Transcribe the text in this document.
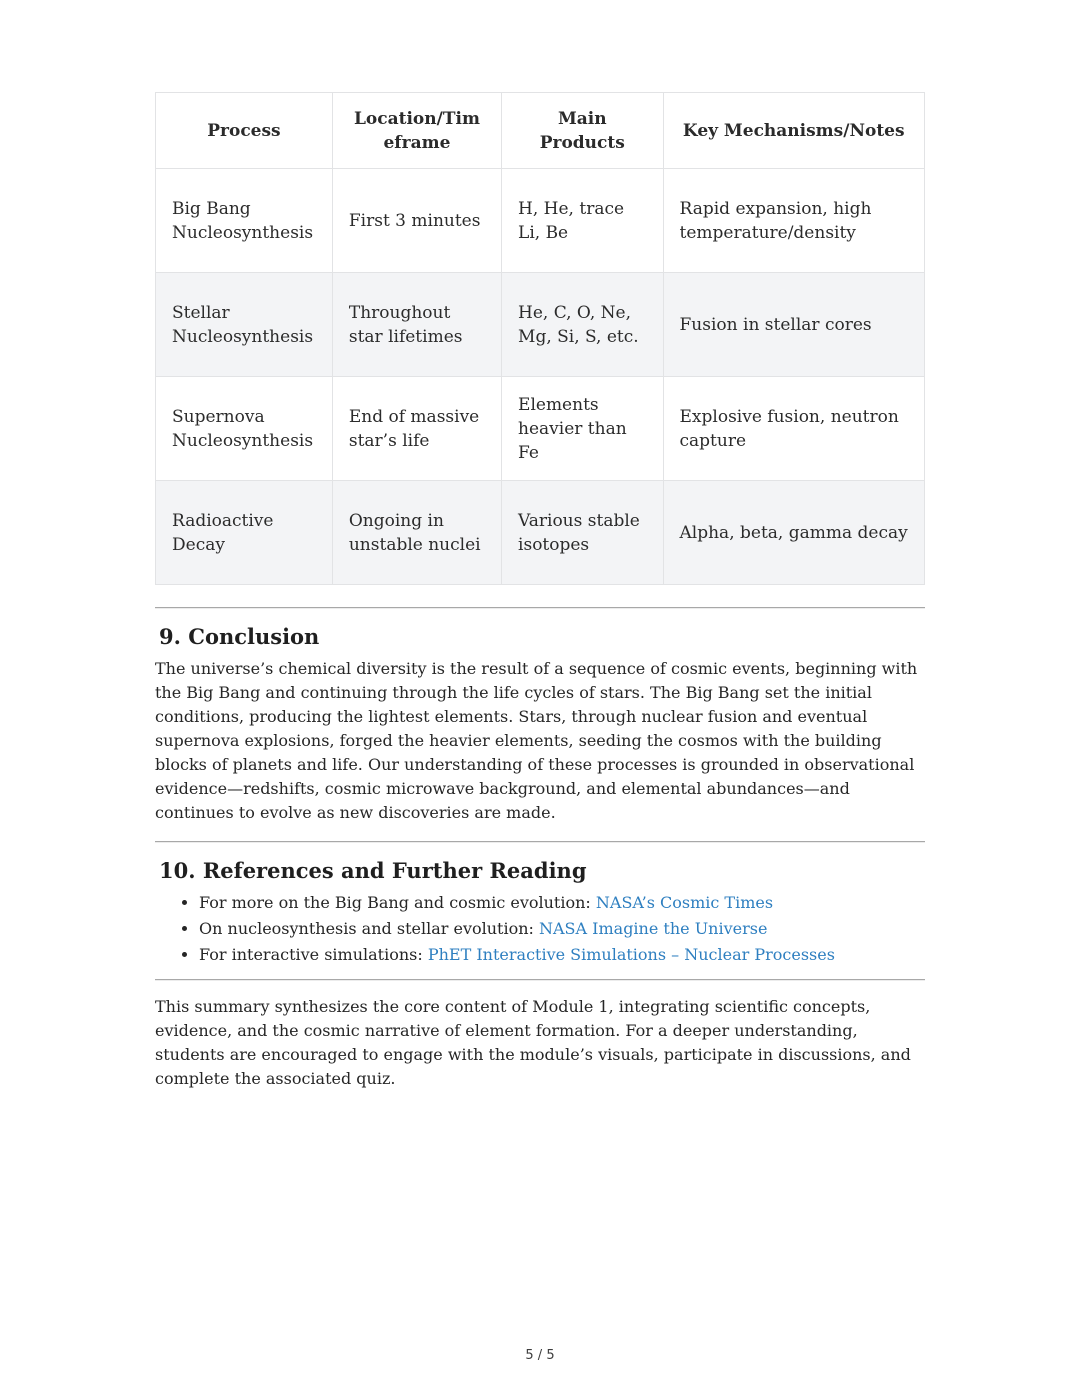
Process	Location/Timeframe	Main Products	Key Mechanisms/Notes
Big Bang Nucleosynthesis	First 3 minutes	H, He, trace Li, Be	Rapid expansion, high temperature/density
Stellar Nucleosynthesis	Throughout star lifetimes	He, C, O, Ne, Mg, Si, S, etc.	Fusion in stellar cores
Supernova Nucleosynthesis	End of massive star’s life	Elements heavier than Fe	Explosive fusion, neutron capture
Radioactive Decay	Ongoing in unstable nuclei	Various stable isotopes	Alpha, beta, gamma decay
9. Conclusion

The universe’s chemical diversity is the result of a sequence of cosmic events, beginning with the Big Bang and continuing through the life cycles of stars. The Big Bang set the initial conditions, producing the lightest elements. Stars, through nuclear fusion and eventual supernova explosions, forged the heavier elements, seeding the cosmos with the building blocks of planets and life. Our understanding of these processes is grounded in observational evidence—redshifts, cosmic microwave background, and elemental abundances—and continues to evolve as new discoveries are made.

10. References and Further Reading
• For more on the Big Bang and cosmic evolution: NASA’s Cosmic Times
• On nucleosynthesis and stellar evolution: NASA Imagine the Universe
• For interactive simulations: PhET Interactive Simulations – Nuclear Processes

This summary synthesizes the core content of Module 1, integrating scientific concepts, evidence, and the cosmic narrative of element formation. For a deeper understanding, students are encouraged to engage with the module’s visuals, participate in discussions, and complete the associated quiz.

5 / 5
